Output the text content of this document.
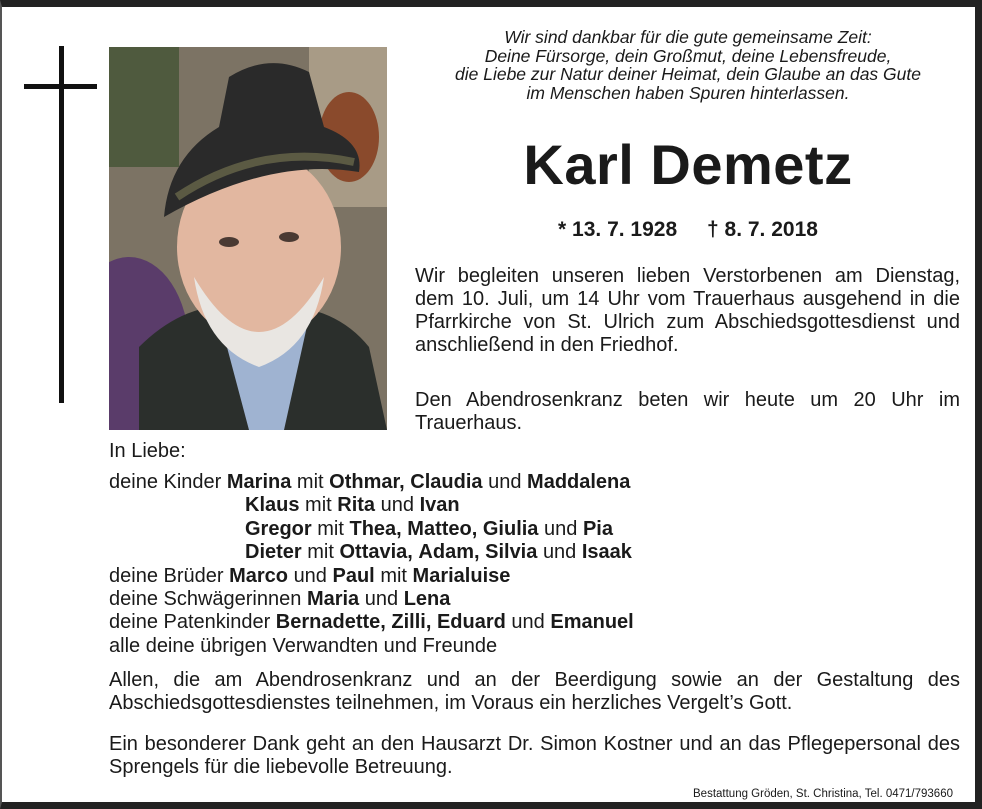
Wir sind dankbar für die gute gemeinsame Zeit:
Deine Fürsorge, dein Großmut, deine Lebensfreude,
die Liebe zur Natur deiner Heimat, dein Glaube an das Gute
im Menschen haben Spuren hinterlassen.
Karl Demetz
* 13. 7. 1928 † 8. 7. 2018
Wir begleiten unseren lieben Verstorbenen am Dienstag, dem 10. Juli, um 14 Uhr vom Trauerhaus ausgehend in die Pfarrkirche von St. Ulrich zum Abschiedsgottesdienst und anschließend in den Friedhof.
Den Abendrosenkranz beten wir heute um 20 Uhr im Trauerhaus.
In Liebe:
deine Kinder Marina mit Othmar, Claudia und Maddalena
Klaus mit Rita und Ivan
Gregor mit Thea, Matteo, Giulia und Pia
Dieter mit Ottavia, Adam, Silvia und Isaak
deine Brüder Marco und Paul mit Marialuise
deine Schwägerinnen Maria und Lena
deine Patenkinder Bernadette, Zilli, Eduard und Emanuel
alle deine übrigen Verwandten und Freunde
Allen, die am Abendrosenkranz und an der Beerdigung sowie an der Gestaltung des Abschiedsgottesdienstes teilnehmen, im Voraus ein herzliches Vergelt’s Gott.
Ein besonderer Dank geht an den Hausarzt Dr. Simon Kostner und an das Pflegepersonal des Sprengels für die liebevolle Betreuung.
Bestattung Gröden, St. Christina, Tel. 0471/793660
